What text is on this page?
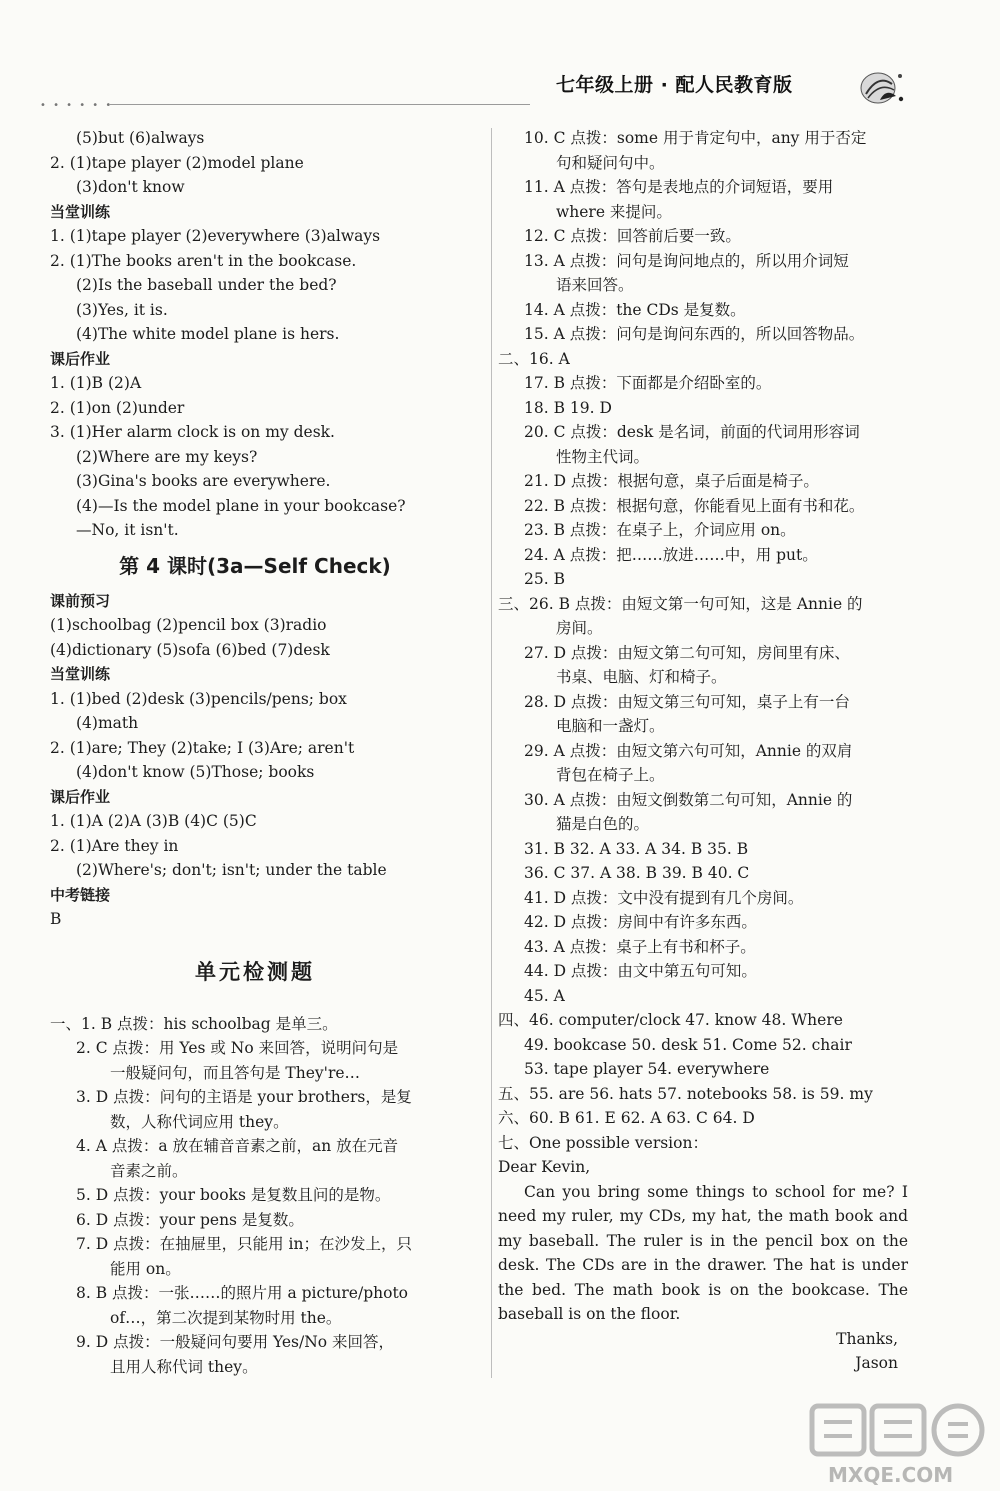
• • • • • •
七年级上册 · 配人民教育版
(5)but (6)always
2. (1)tape player (2)model plane
(3)don't know
当堂训练
1. (1)tape player (2)everywhere (3)always
2. (1)The books aren't in the bookcase.
(2)Is the baseball under the bed?
(3)Yes, it is.
(4)The white model plane is hers.
课后作业
1. (1)B (2)A
2. (1)on (2)under
3. (1)Her alarm clock is on my desk.
(2)Where are my keys?
(3)Gina's books are everywhere.
(4)—Is the model plane in your bookcase?
—No, it isn't.
第 4 课时(3a—Self Check)
课前预习
(1)schoolbag (2)pencil box (3)radio
(4)dictionary (5)sofa (6)bed (7)desk
当堂训练
1. (1)bed (2)desk (3)pencils/pens; box
(4)math
2. (1)are; They (2)take; I (3)Are; aren't
(4)don't know (5)Those; books
课后作业
1. (1)A (2)A (3)B (4)C (5)C
2. (1)Are they in
(2)Where's; don't; isn't; under the table
中考链接
B
单元检测题
一、1. B 点拨：his schoolbag 是单三。
2. C 点拨：用 Yes 或 No 来回答，说明问句是
一般疑问句，而且答句是 They're…
3. D 点拨：问句的主语是 your brothers，是复
数，人称代词应用 they。
4. A 点拨：a 放在辅音音素之前，an 放在元音
音素之前。
5. D 点拨：your books 是复数且问的是物。
6. D 点拨：your pens 是复数。
7. D 点拨：在抽屉里，只能用 in；在沙发上，只
能用 on。
8. B 点拨：一张……的照片用 a picture/photo
of…，第二次提到某物时用 the。
9. D 点拨：一般疑问句要用 Yes/No 来回答，
且用人称代词 they。
10. C 点拨：some 用于肯定句中，any 用于否定
句和疑问句中。
11. A 点拨：答句是表地点的介词短语，要用
where 来提问。
12. C 点拨：回答前后要一致。
13. A 点拨：问句是询问地点的，所以用介词短
语来回答。
14. A 点拨：the CDs 是复数。
15. A 点拨：问句是询问东西的，所以回答物品。
二、16. A
17. B 点拨：下面都是介绍卧室的。
18. B 19. D
20. C 点拨：desk 是名词，前面的代词用形容词
性物主代词。
21. D 点拨：根据句意，桌子后面是椅子。
22. B 点拨：根据句意，你能看见上面有书和花。
23. B 点拨：在桌子上，介词应用 on。
24. A 点拨：把……放进……中，用 put。
25. B
三、26. B 点拨：由短文第一句可知，这是 Annie 的
房间。
27. D 点拨：由短文第二句可知，房间里有床、
书桌、电脑、灯和椅子。
28. D 点拨：由短文第三句可知，桌子上有一台
电脑和一盏灯。
29. A 点拨：由短文第六句可知，Annie 的双肩
背包在椅子上。
30. A 点拨：由短文倒数第二句可知，Annie 的
猫是白色的。
31. B 32. A 33. A 34. B 35. B
36. C 37. A 38. B 39. B 40. C
41. D 点拨：文中没有提到有几个房间。
42. D 点拨：房间中有许多东西。
43. A 点拨：桌子上有书和杯子。
44. D 点拨：由文中第五句可知。
45. A
四、46. computer/clock 47. know 48. Where
49. bookcase 50. desk 51. Come 52. chair
53. tape player 54. everywhere
五、55. are 56. hats 57. notebooks 58. is 59. my
六、60. B 61. E 62. A 63. C 64. D
七、One possible version：
Dear Kevin,
Can you bring some things to school for me? I
need my ruler, my CDs, my hat, the math book and
my baseball. The ruler is in the pencil box on the
desk. The CDs are in the drawer. The hat is under
the bed. The math book is on the bookcase. The
baseball is on the floor.
Thanks,
Jason
MXQE.COM
